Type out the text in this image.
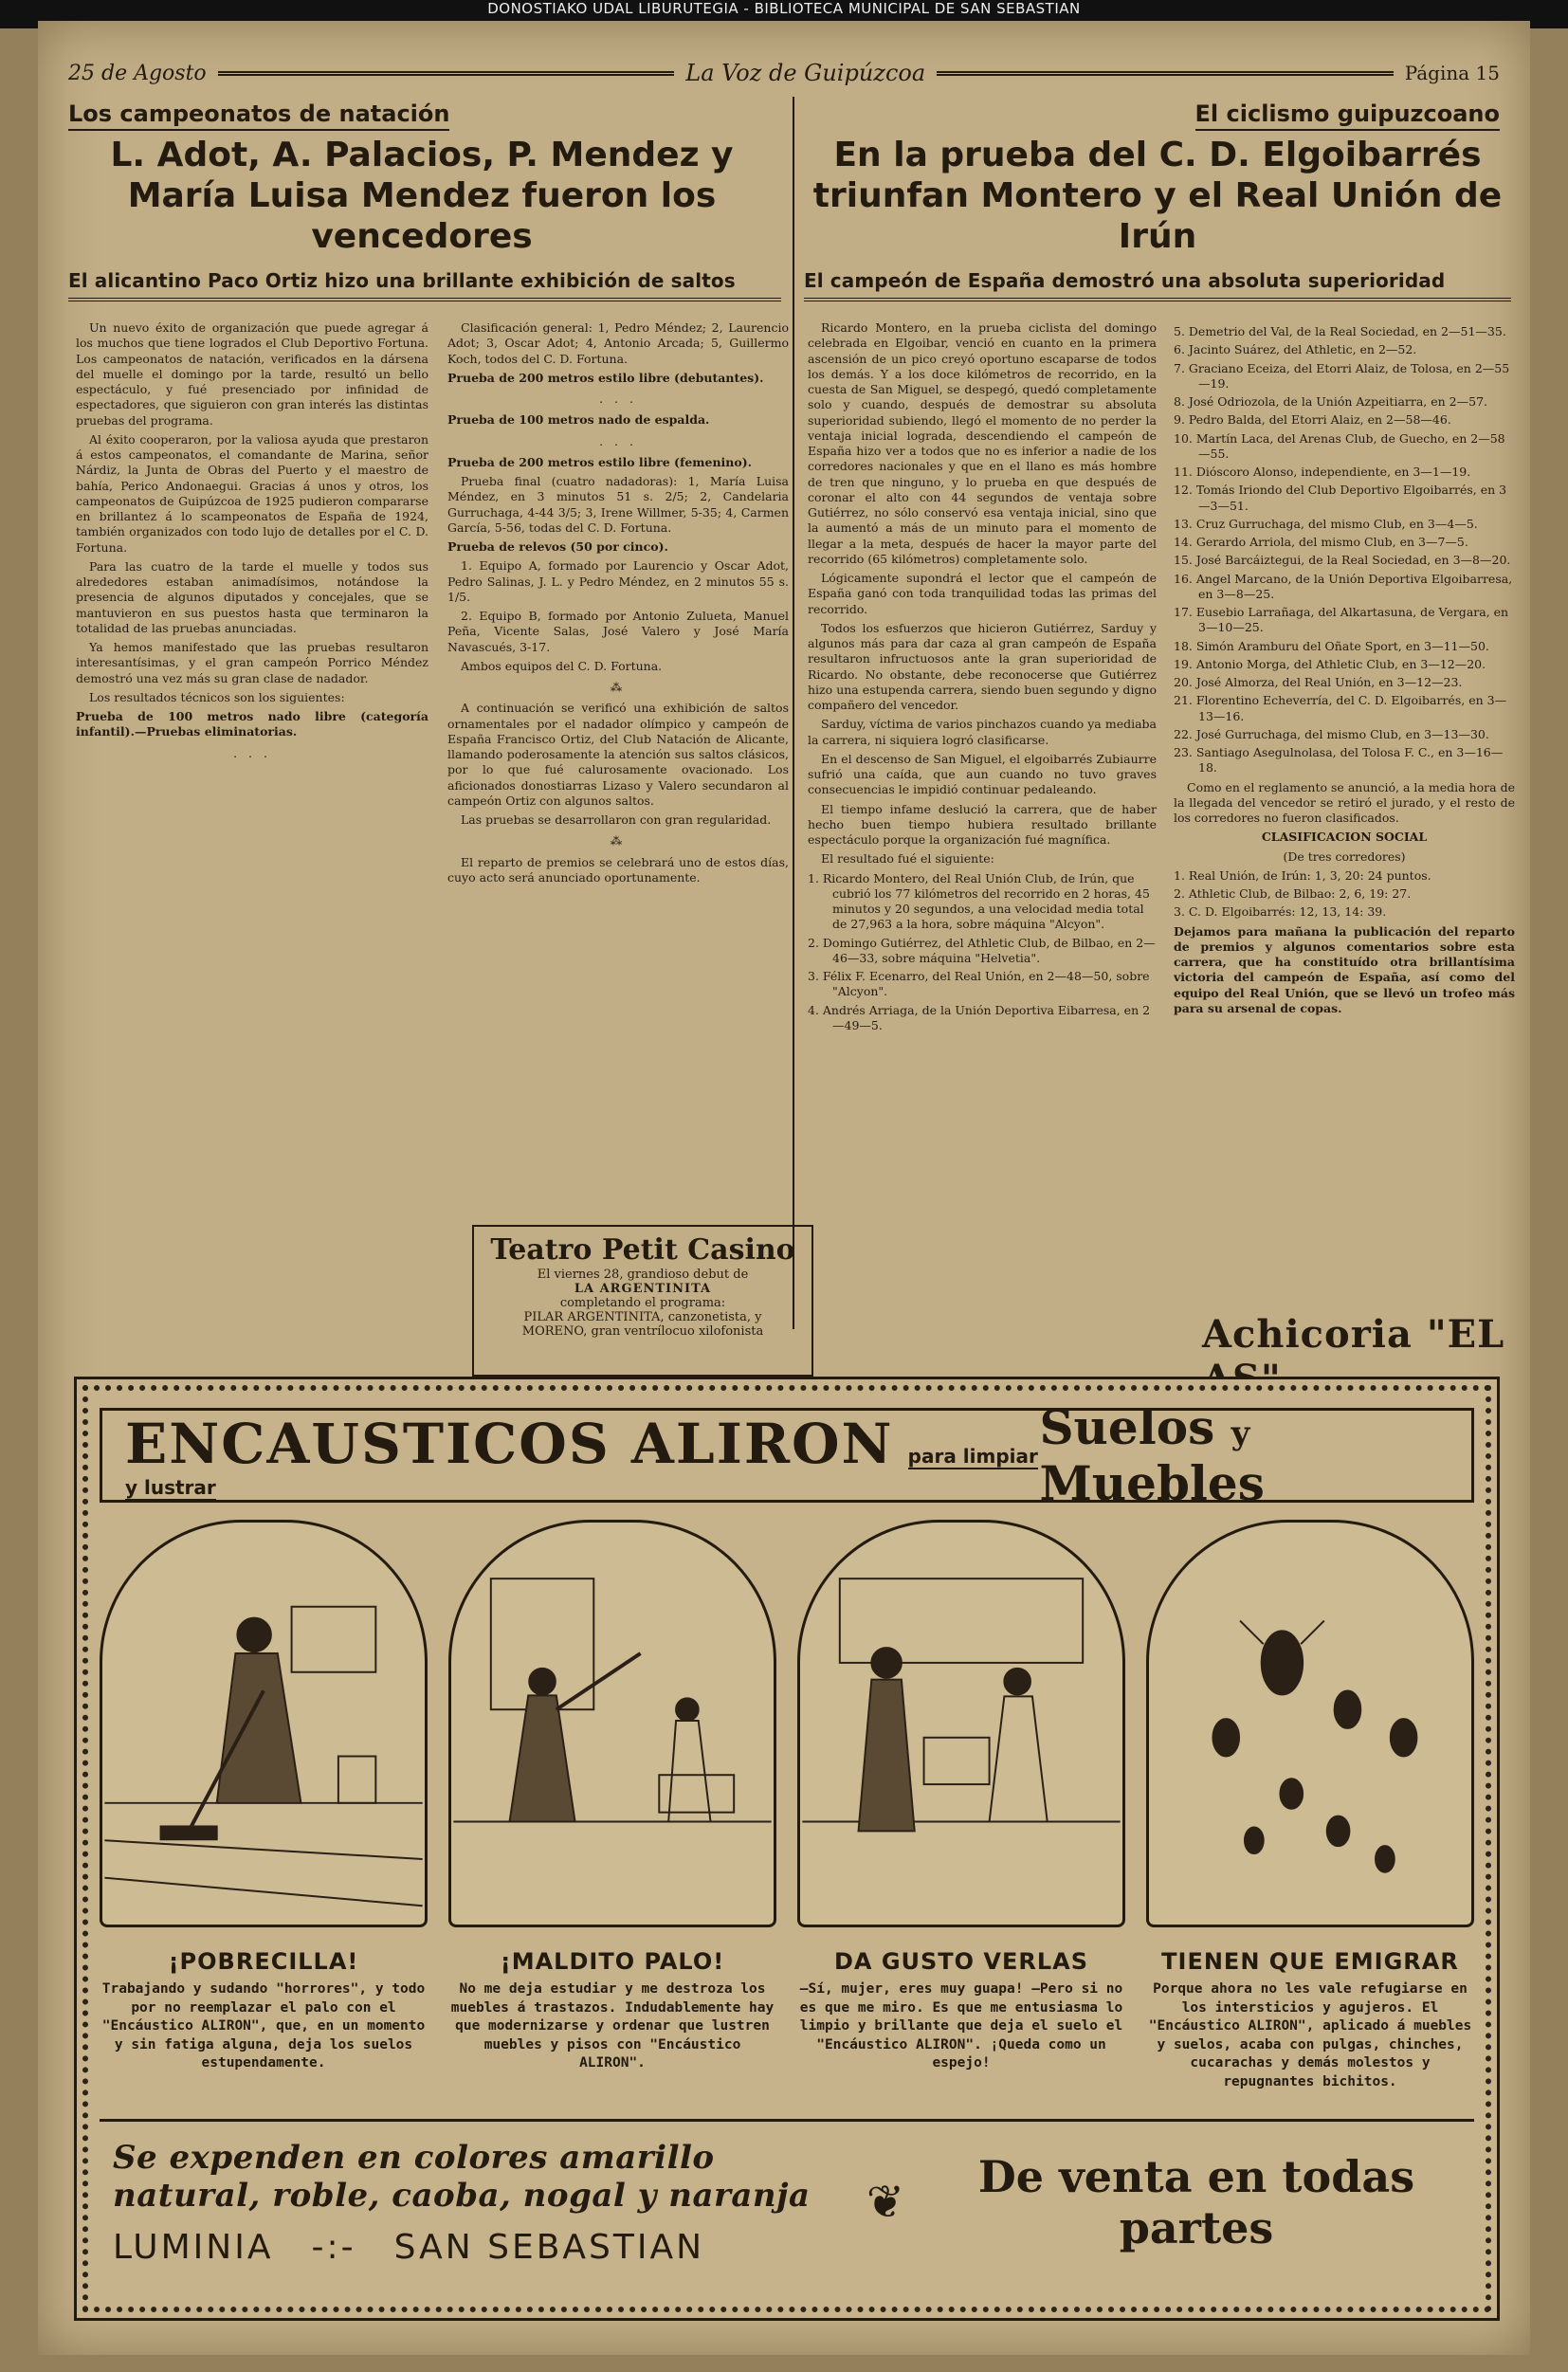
DONOSTIAKO UDAL LIBURUTEGIA - BIBLIOTECA MUNICIPAL DE SAN SEBASTIAN
25 de Agosto	La Voz de Guipúzcoa	Página 15
Los campeonatos de natación
L. Adot, A. Palacios, P. Mendez y María Luisa Mendez fueron los vencedores
El alicantino Paco Ortiz hizo una brillante exhibición de saltos

Un nuevo éxito de organización que puede agregar á los muchos que tiene logrados el Club Deportivo Fortuna. Los campeonatos de natación, verificados en la dársena del muelle el domingo por la tarde, resultó un bello espectáculo, y fué presenciado por infinidad de espectadores, que siguieron con gran interés las distintas pruebas del programa.

Al éxito cooperaron, por la valiosa ayuda que prestaron á estos campeonatos, el comandante de Marina, señor Nárdiz, la Junta de Obras del Puerto y el maestro de bahía, Perico Andonaegui. Gracias á unos y otros, los campeonatos de Guipúzcoa de 1925 pudieron compararse en brillantez á lo scampeonatos de España de 1924, también organizados con todo lujo de detalles por el C. D. Fortuna.

Para las cuatro de la tarde el muelle y todos sus alrededores estaban animadísimos, notándose la presencia de algunos diputados y concejales, que se mantuvieron en sus puestos hasta que terminaron la totalidad de las pruebas anunciadas.

Ya hemos manifestado que las pruebas resultaron interesantísimas, y el gran campeón Porrico Méndez demostró una vez más su gran clase de nadador.

Los resultados técnicos son los siguientes:

Prueba de 100 metros nado libre (categoría infantil).—Pruebas eliminatorias.

. . .

Clasificación general: 1, Pedro Méndez; 2, Laurencio Adot; 3, Oscar Adot; 4, Antonio Arcada; 5, Guillermo Koch, todos del C. D. Fortuna.

Prueba de 200 metros estilo libre (debutantes).

. . .

Prueba de 100 metros nado de espalda.

. . .

Prueba de 200 metros estilo libre (femenino).

Prueba final (cuatro nadadoras): 1, María Luisa Méndez, en 3 minutos 51 s. 2/5; 2, Candelaria Gurruchaga, 4-44 3/5; 3, Irene Willmer, 5-35; 4, Carmen García, 5-56, todas del C. D. Fortuna.

Prueba de relevos (50 por cinco).

1. Equipo A, formado por Laurencio y Oscar Adot, Pedro Salinas, J. L. y Pedro Méndez, en 2 minutos 55 s. 1/5.

2. Equipo B, formado por Antonio Zulueta, Manuel Peña, Vicente Salas, José Valero y José María Navascués, 3-17.

Ambos equipos del C. D. Fortuna.

⁂

A continuación se verificó una exhibición de saltos ornamentales por el nadador olímpico y campeón de España Francisco Ortiz, del Club Natación de Alicante, llamando poderosamente la atención sus saltos clásicos, por lo que fué calurosamente ovacionado. Los aficionados donostiarras Lizaso y Valero secundaron al campeón Ortiz con algunos saltos.

Las pruebas se desarrollaron con gran regularidad.

⁂

El reparto de premios se celebrará uno de estos días, cuyo acto será anunciado oportunamente.

Teatro Petit Casino
El viernes 28, grandioso debut de
LA ARGENTINITA
completando el programa:
PILAR ARGENTINITA, canzonetista, y
MORENO, gran ventrílocuo xilofonista
El ciclismo guipuzcoano
En la prueba del C. D. Elgoibarrés triunfan Montero y el Real Unión de Irún
El campeón de España demostró una absoluta superioridad

Ricardo Montero, en la prueba ciclista del domingo celebrada en Elgoibar, venció en cuanto en la primera ascensión de un pico creyó oportuno escaparse de todos los demás. Y a los doce kilómetros de recorrido, en la cuesta de San Miguel, se despegó, quedó completamente solo y cuando, después de demostrar su absoluta superioridad subiendo, llegó el momento de no perder la ventaja inicial lograda, descendiendo el campeón de España hizo ver a todos que no es inferior a nadie de los corredores nacionales y que en el llano es más hombre de tren que ninguno, y lo prueba en que después de coronar el alto con 44 segundos de ventaja sobre Gutiérrez, no sólo conservó esa ventaja inicial, sino que la aumentó a más de un minuto para el momento de llegar a la meta, después de hacer la mayor parte del recorrido (65 kilómetros) completamente solo.

Lógicamente supondrá el lector que el campeón de España ganó con toda tranquilidad todas las primas del recorrido.

Todos los esfuerzos que hicieron Gutiérrez, Sarduy y algunos más para dar caza al gran campeón de España resultaron infructuosos ante la gran superioridad de Ricardo. No obstante, debe reconocerse que Gutiérrez hizo una estupenda carrera, siendo buen segundo y digno compañero del vencedor.

Sarduy, víctima de varios pinchazos cuando ya mediaba la carrera, ni siquiera logró clasificarse.

En el descenso de San Miguel, el elgoibarrés Zubiaurre sufrió una caída, que aun cuando no tuvo graves consecuencias le impidió continuar pedaleando.

El tiempo infame deslució la carrera, que de haber hecho buen tiempo hubiera resultado brillante espectáculo porque la organización fué magnífica.

El resultado fué el siguiente:

1. Ricardo Montero, del Real Unión Club, de Irún, que cubrió los 77 kilómetros del recorrido en 2 horas, 45 minutos y 20 segundos, a una velocidad media total de 27,963 a la hora, sobre máquina "Alcyon".
2. Domingo Gutiérrez, del Athletic Club, de Bilbao, en 2—46—33, sobre máquina "Helvetia".
3. Félix F. Ecenarro, del Real Unión, en 2—48—50, sobre "Alcyon".
4. Andrés Arriaga, de la Unión Deportiva Eibarresa, en 2—49—5.
5. Demetrio del Val, de la Real Sociedad, en 2—51—35.
6. Jacinto Suárez, del Athletic, en 2—52.
7. Graciano Eceiza, del Etorri Alaiz, de Tolosa, en 2—55—19.
8. José Odriozola, de la Unión Azpeitiarra, en 2—57.
9. Pedro Balda, del Etorri Alaiz, en 2—58—46.
10. Martín Laca, del Arenas Club, de Guecho, en 2—58—55.
11. Dióscoro Alonso, independiente, en 3—1—19.
12. Tomás Iriondo del Club Deportivo Elgoibarrés, en 3—3—51.
13. Cruz Gurruchaga, del mismo Club, en 3—4—5.
14. Gerardo Arriola, del mismo Club, en 3—7—5.
15. José Barcáiztegui, de la Real Sociedad, en 3—8—20.
16. Angel Marcano, de la Unión Deportiva Elgoibarresa, en 3—8—25.
17. Eusebio Larrañaga, del Alkartasuna, de Vergara, en 3—10—25.
18. Simón Aramburu del Oñate Sport, en 3—11—50.
19. Antonio Morga, del Athletic Club, en 3—12—20.
20. José Almorza, del Real Unión, en 3—12—23.
21. Florentino Echeverría, del C. D. Elgoibarrés, en 3—13—16.
22. José Gurruchaga, del mismo Club, en 3—13—30.
23. Santiago Asegulnolasa, del Tolosa F. C., en 3—16—18.

Como en el reglamento se anunció, a la media hora de la llegada del vencedor se retiró el jurado, y el resto de los corredores no fueron clasificados.

CLASIFICACION SOCIAL

(De tres corredores)

1. Real Unión, de Irún: 1, 3, 20: 24 puntos.
2. Athletic Club, de Bilbao: 2, 6, 19: 27.
3. C. D. Elgoibarrés: 12, 13, 14: 39.

Dejamos para mañana la publicación del reparto de premios y algunos comentarios sobre esta carrera, que ha constituído otra brillantísima victoria del campeón de España, así como del equipo del Real Unión, que se llevó un trofeo más para su arsenal de copas.

Achicoria "EL
ENCAUSTICOS ALIRON para limpiar y lustrar
Suelos y Muebles
¡POBRECILLA!
Trabajando y sudando "horrores", y todo por no reemplazar el palo con el "Encáustico ALIRON", que, en un momento y sin fatiga alguna, deja los suelos estupendamente.
¡MALDITO PALO!
No me deja estudiar y me destroza los muebles á trastazos. Indudablemente hay que modernizarse y ordenar que lustren muebles y pisos con "Encáustico ALIRON".
DA GUSTO VERLAS
—Sí, mujer, eres muy guapa! —Pero si no es que me miro. Es que me entusiasma lo limpio y brillante que deja el suelo el "Encáustico ALIRON". ¡Queda como un espejo!
TIENEN QUE EMIGRAR
Porque ahora no les vale refugiarse en los intersticios y agujeros. El "Encáustico ALIRON", aplicado á muebles y suelos, acaba con pulgas, chinches, cucarachas y demás molestos y repugnantes bichitos.
Se expenden en colores amarillo natural, roble, caoba, nogal y naranja
LUMINIA -:- SAN SEBASTIAN
❦	De venta en todas partes
